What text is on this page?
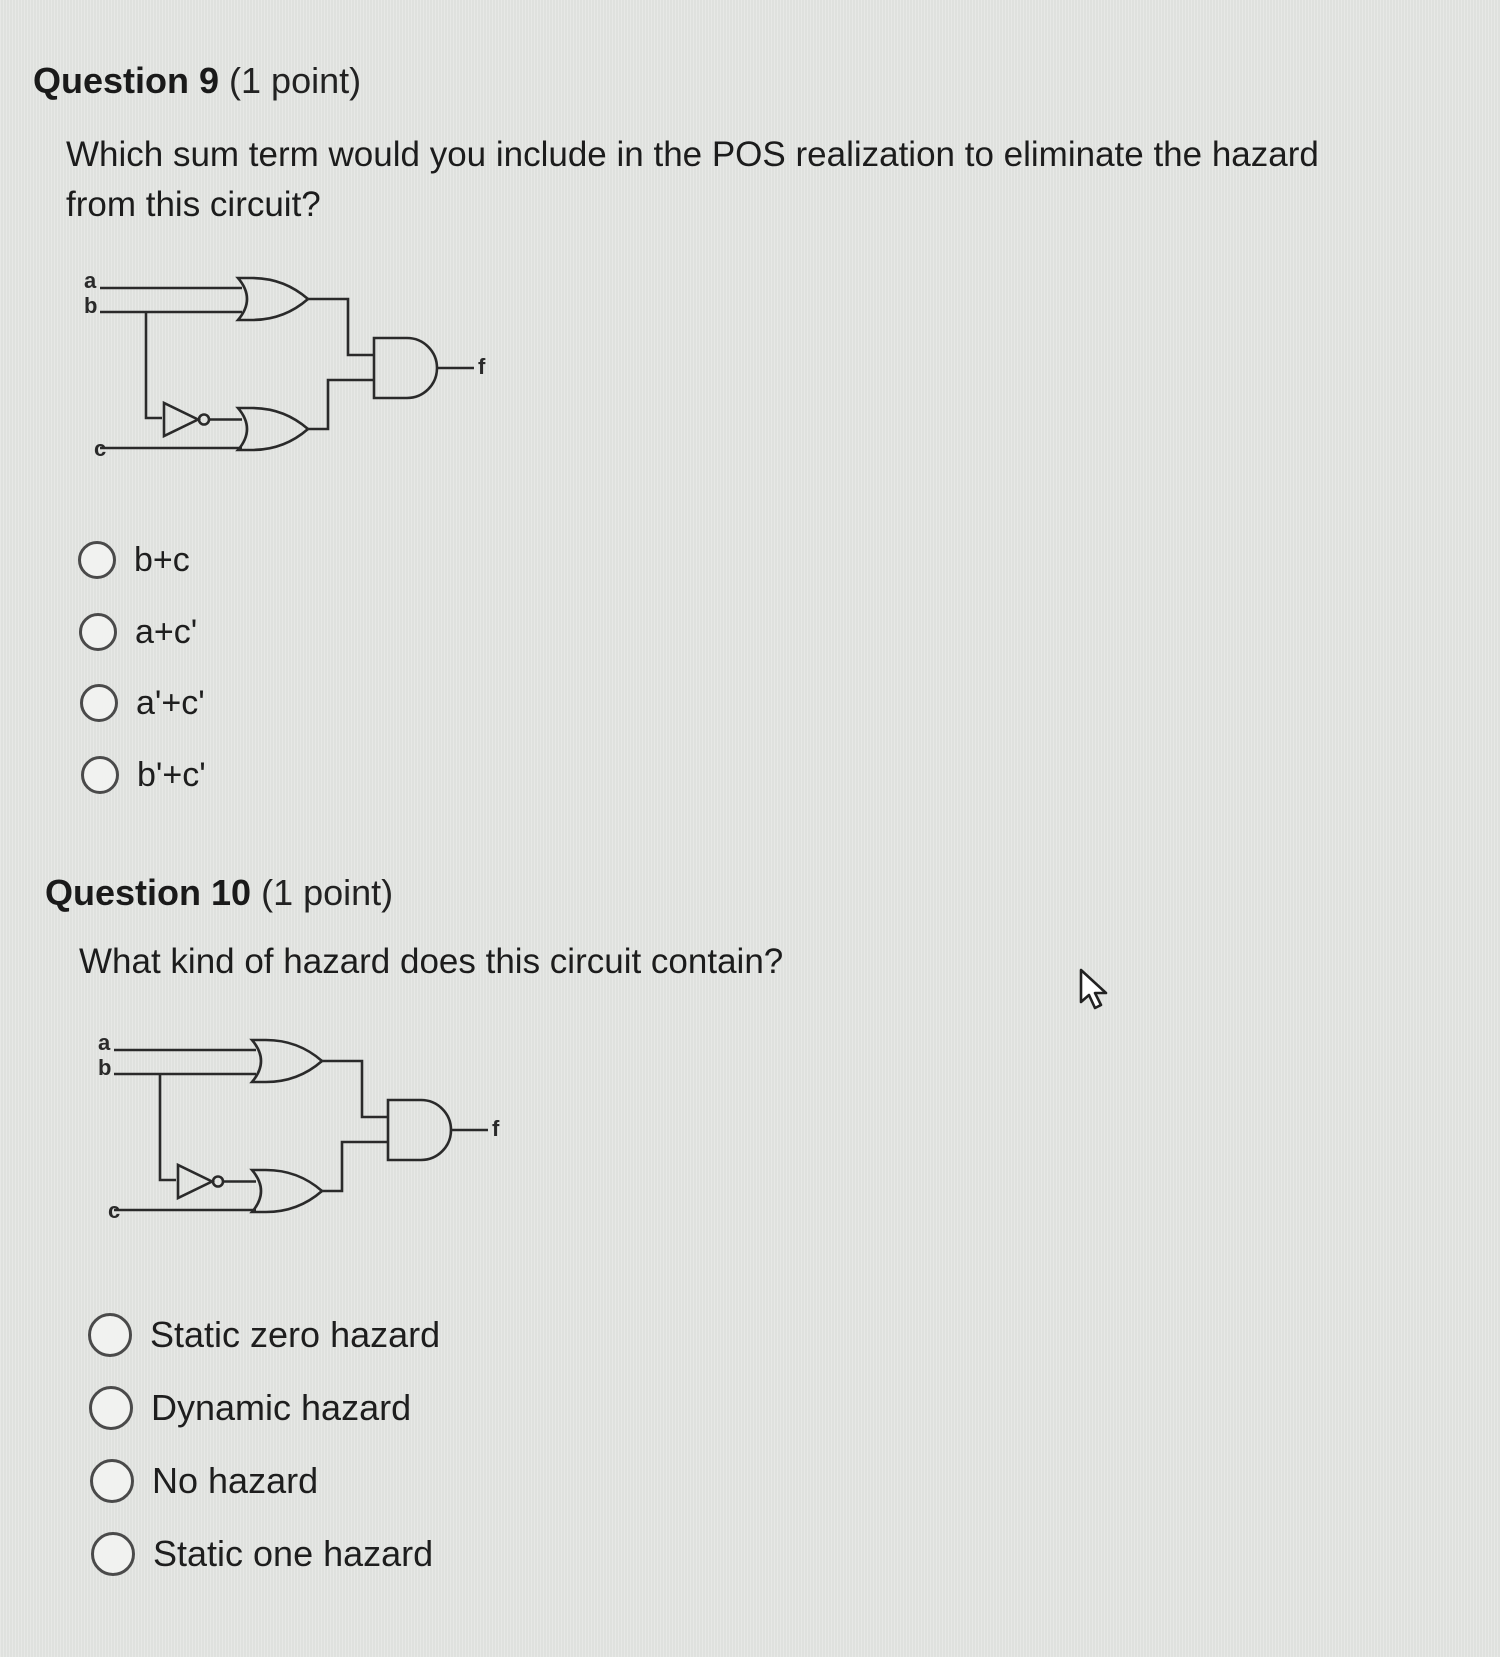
Question 9 (1 point)
Which sum term would you include in the POS realization to eliminate the hazard from this circuit?
a
b
c
f
b+c
a+c'
a'+c'
b'+c'
Question 10 (1 point)
What kind of hazard does this circuit contain?
a
b
c
f
Static zero hazard
Dynamic hazard
No hazard
Static one hazard
